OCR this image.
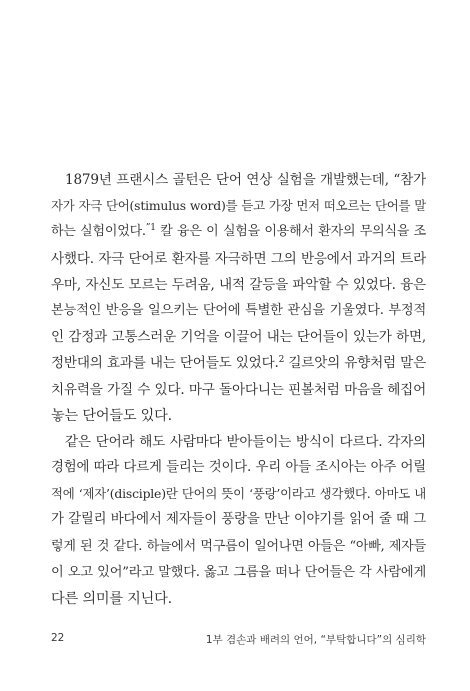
1879년 프랜시스 골턴은 단어 연상 실험을 개발했는데, “참가
자가 자극 단어(stimulus word)를 듣고 가장 먼저 떠오르는 단어를 말
하는 실험이었다.$^{”1}$ 칼 융은 이 실험을 이용해서 환자의 무의식을 조
사했다. 자극 단어로 환자를 자극하면 그의 반응에서 과거의 트라
우마, 자신도 모르는 두려움, 내적 갈등을 파악할 수 있었다. 융은
본능적인 반응을 일으키는 단어에 특별한 관심을 기울였다. 부정적
인 감정과 고통스러운 기억을 이끌어 내는 단어들이 있는가 하면,
정반대의 효과를 내는 단어들도 있었다.$^2$ 길르앗의 유향처럼 말은
치유력을 가질 수 있다. 마구 돌아다니는 핀볼처럼 마음을 헤집어
놓는 단어들도 있다.
같은 단어라 해도 사람마다 받아들이는 방식이 다르다. 각자의
경험에 따라 다르게 들리는 것이다. 우리 아들 조시아는 아주 어릴
적에 ‘제자’(disciple)란 단어의 뜻이 ‘풍랑’이라고 생각했다. 아마도 내
가 갈릴리 바다에서 제자들이 풍랑을 만난 이야기를 읽어 줄 때 그
렇게 된 것 같다. 하늘에서 먹구름이 일어나면 아들은 “아빠, 제자들
이 오고 있어”라고 말했다. 옳고 그름을 떠나 단어들은 각 사람에게
다른 의미를 지닌다.
22	1부 겸손과 배려의 언어, “부탁합니다”의 심리학
